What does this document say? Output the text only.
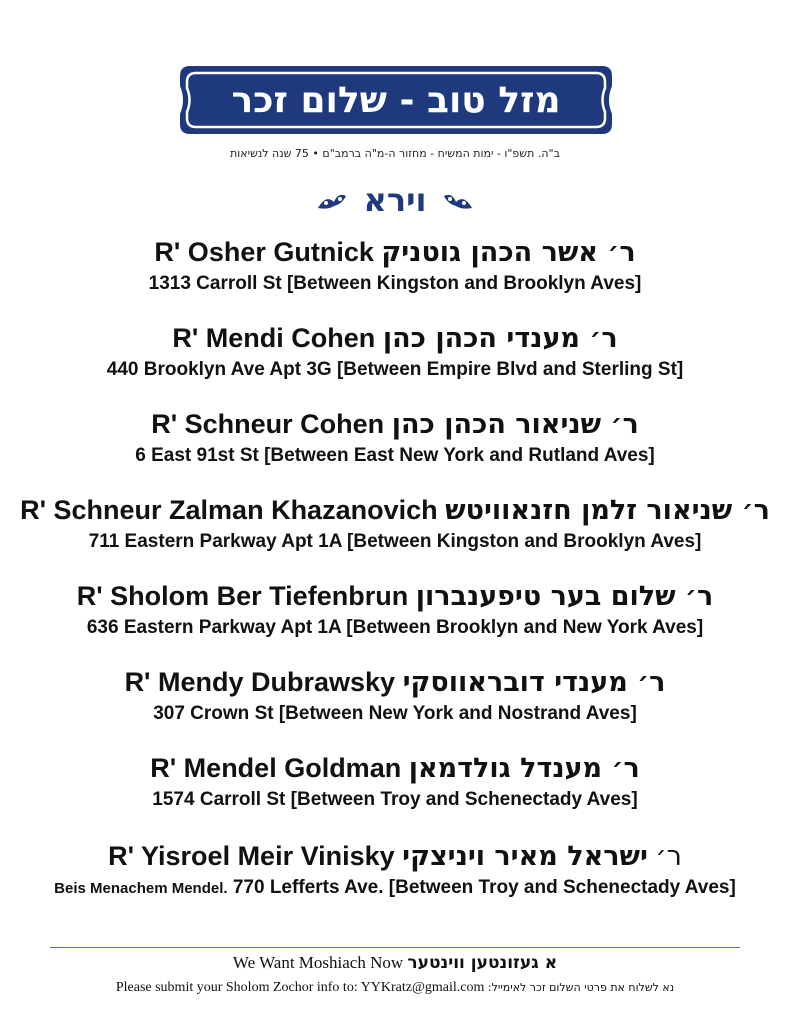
מזל טוב - שלום זכר
ב"ה. תשפ"ו - ימות המשיח - מחזור ה-מ"ה ברמב"ם • 75 שנה לנשיאות
וירא
R' Osher Gutnick ר׳ אשר הכהן גוטניק
1313 Carroll St [Between Kingston and Brooklyn Aves]
R' Mendi Cohen ר׳ מענדי הכהן כהן
440 Brooklyn Ave Apt 3G [Between Empire Blvd and Sterling St]
R' Schneur Cohen ר׳ שניאור הכהן כהן
6 East 91st St [Between East New York and Rutland Aves]
R' Schneur Zalman Khazanovich ר׳ שניאור זלמן חזנאוויטש
711 Eastern Parkway Apt 1A [Between Kingston and Brooklyn Aves]
R' Sholom Ber Tiefenbrun ר׳ שלום בער טיפענברון
636 Eastern Parkway Apt 1A [Between Brooklyn and New York Aves]
R' Mendy Dubrawsky ר׳ מענדי דובראווסקי
307 Crown St [Between New York and Nostrand Aves]
R' Mendel Goldman ר׳ מענדל גולדמאן
1574 Carroll St [Between Troy and Schenectady Aves]
R' Yisroel Meir Vinisky ישראל מאיר ויניצקי ר׳
Beis Menachem Mendel. 770 Lefferts Ave. [Between Troy and Schenectady Aves]
We Want Moshiach Now א געזונטען ווינטער
Please submit your Sholom Zochor info to: YYKratz@gmail.com נא לשלוח את פרטי השלום זכר לאימייל:
